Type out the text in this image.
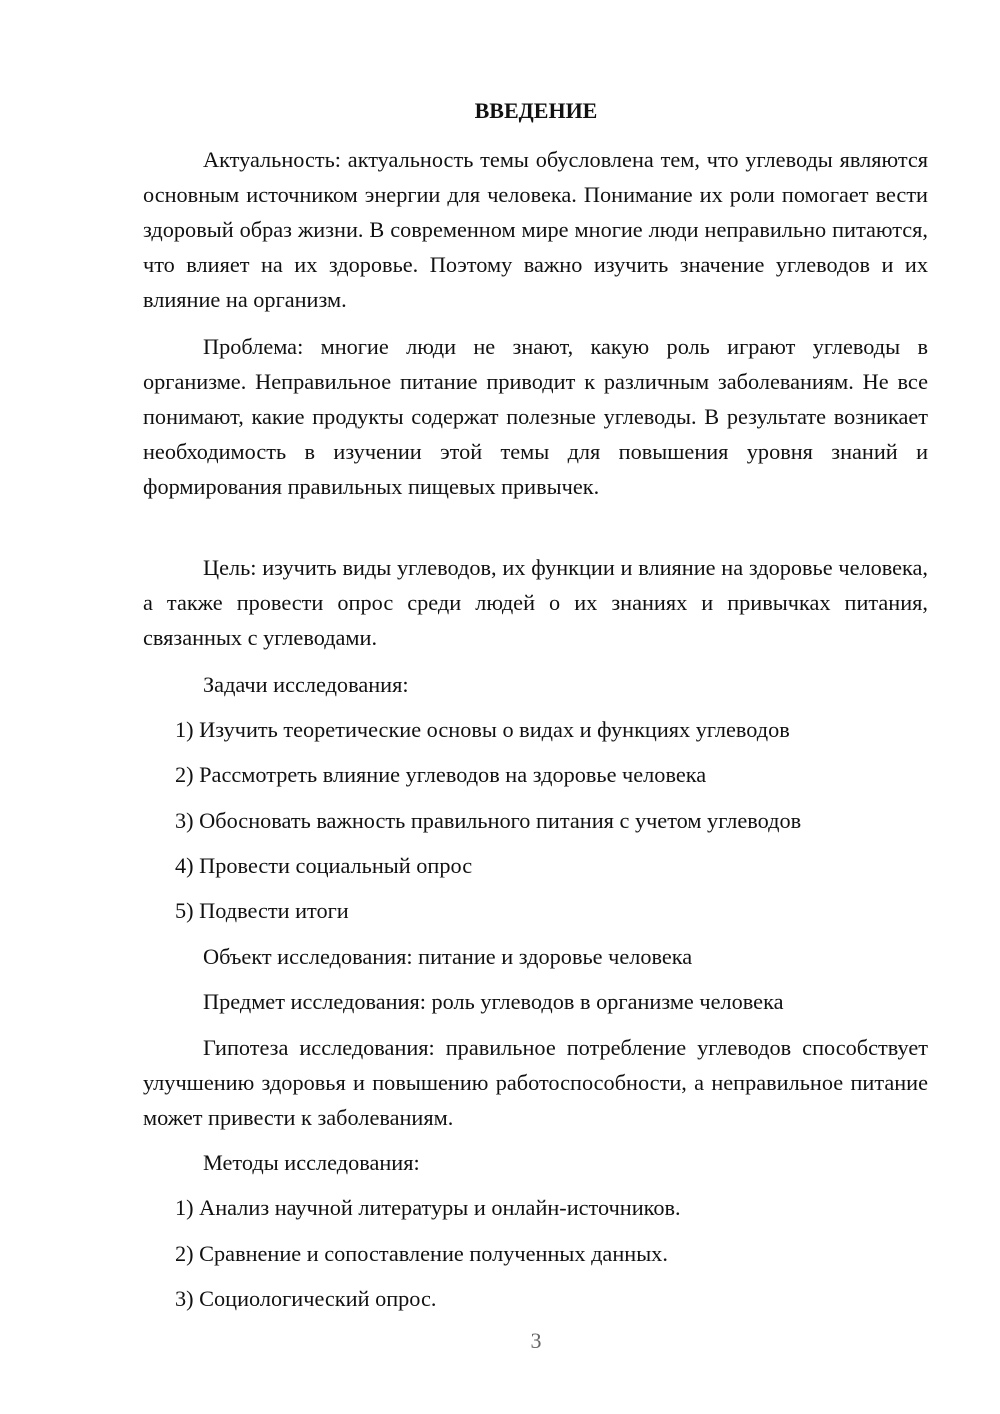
ВВЕДЕНИЕ

Актуальность: актуальность темы обусловлена тем, что углеводы являются основным источником энергии для человека. Понимание их роли помогает вести здоровый образ жизни. В современном мире многие люди неправильно питаются, что влияет на их здоровье. Поэтому важно изучить значение углеводов и их влияние на организм.

Проблема: многие люди не знают, какую роль играют углеводы в организме. Неправильное питание приводит к различным заболеваниям. Не все понимают, какие продукты содержат полезные углеводы. В результате возникает необходимость в изучении этой темы для повышения уровня знаний и формирования правильных пищевых привычек.

Цель: изучить виды углеводов, их функции и влияние на здоровье человека, а также провести опрос среди людей о их знаниях и привычках питания, связанных с углеводами.

Задачи исследования:

1) Изучить теоретические основы о видах и функциях углеводов

2) Рассмотреть влияние углеводов на здоровье человека

3) Обосновать важность правильного питания с учетом углеводов

4) Провести социальный опрос

5) Подвести итоги

Объект исследования: питание и здоровье человека

Предмет исследования: роль углеводов в организме человека

Гипотеза исследования: правильное потребление углеводов способствует улучшению здоровья и повышению работоспособности, а неправильное питание может привести к заболеваниям.

Методы исследования:

1) Анализ научной литературы и онлайн-источников.

2) Сравнение и сопоставление полученных данных.

3) Социологический опрос.

3
